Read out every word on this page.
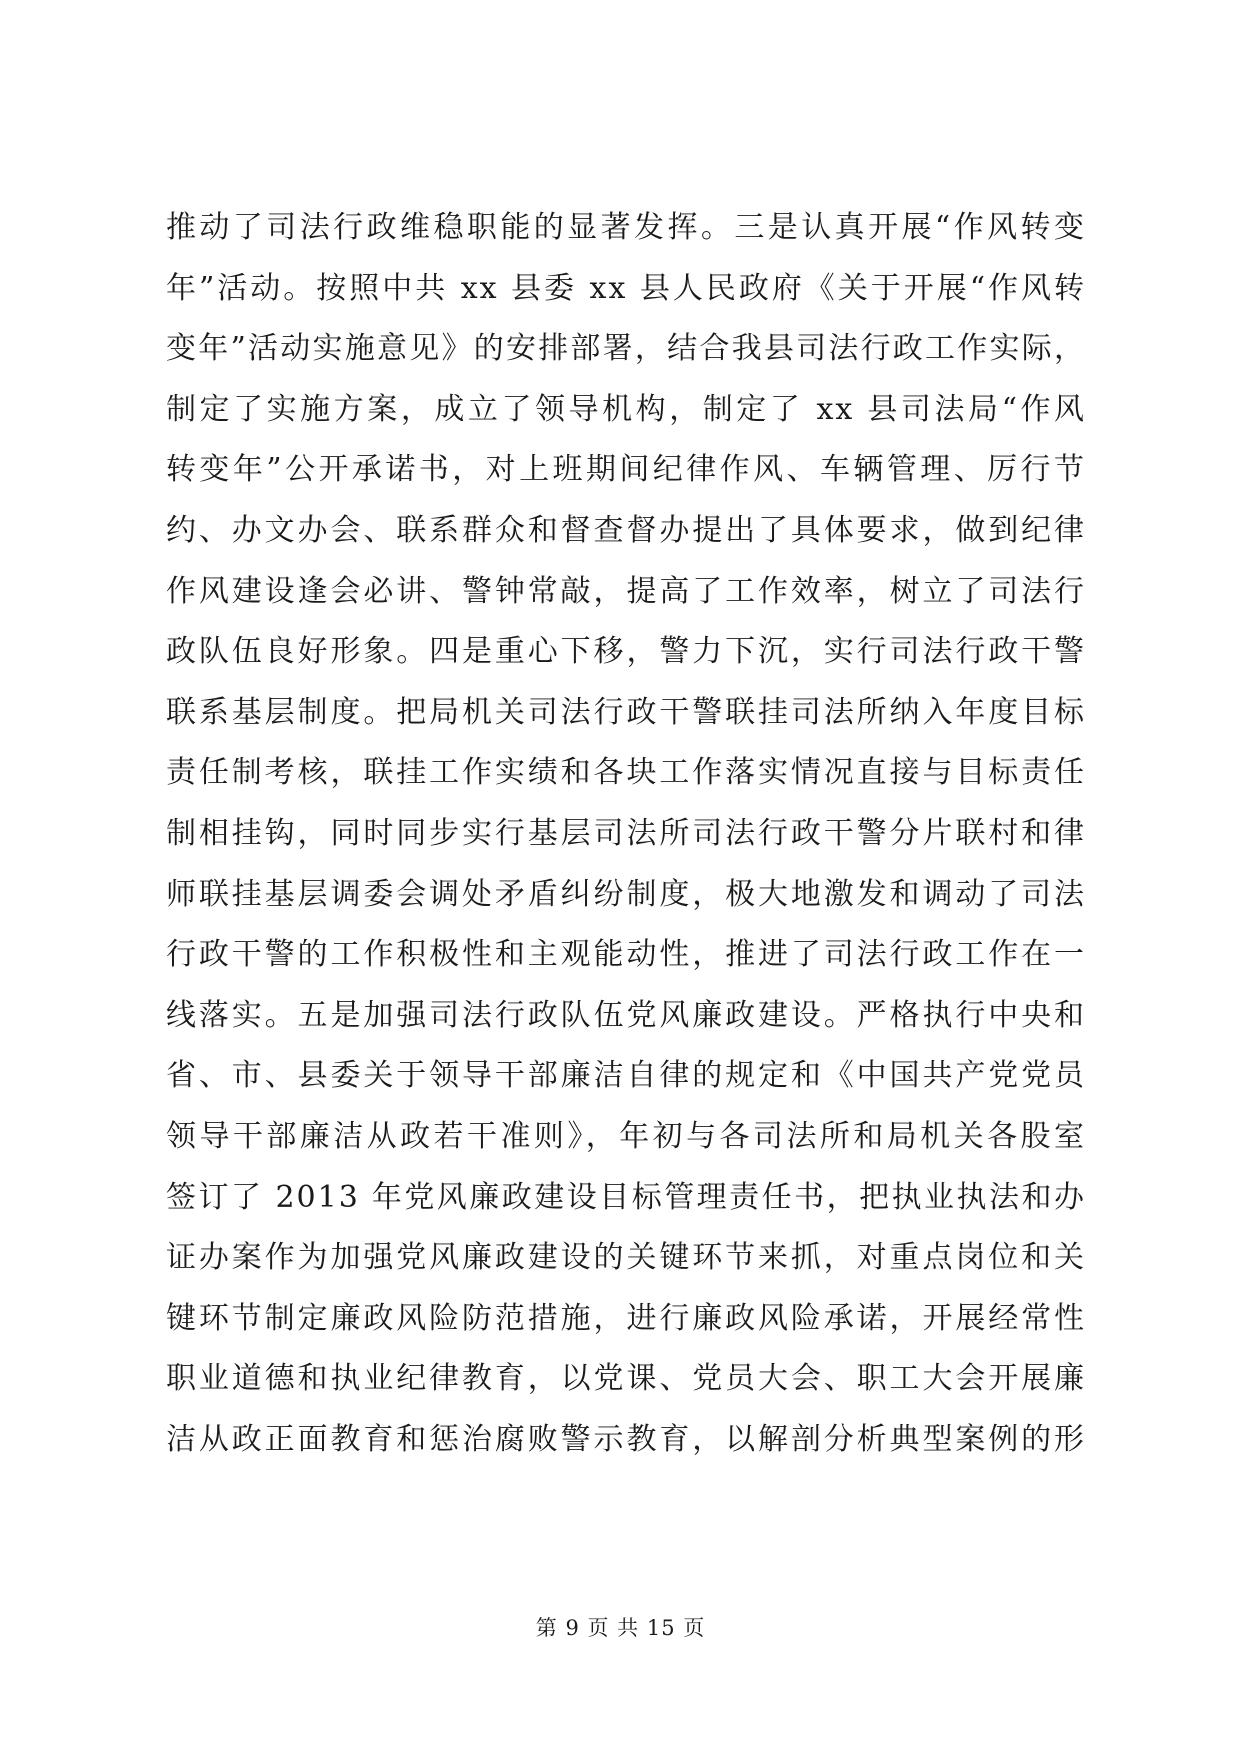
推动了司法行政维稳职能的显著发挥。三是认真开展“作风转变
年”活动。按照中共 xx 县委 xx 县人民政府《关于开展“作风转
变年”活动实施意见》的安排部署，结合我县司法行政工作实际，
制定了实施方案，成立了领导机构，制定了 xx 县司法局“作风
转变年”公开承诺书，对上班期间纪律作风、车辆管理、厉行节
约、办文办会、联系群众和督查督办提出了具体要求，做到纪律
作风建设逢会必讲、警钟常敲，提高了工作效率，树立了司法行
政队伍良好形象。四是重心下移，警力下沉，实行司法行政干警
联系基层制度。把局机关司法行政干警联挂司法所纳入年度目标
责任制考核，联挂工作实绩和各块工作落实情况直接与目标责任
制相挂钩，同时同步实行基层司法所司法行政干警分片联村和律
师联挂基层调委会调处矛盾纠纷制度，极大地激发和调动了司法
行政干警的工作积极性和主观能动性，推进了司法行政工作在一
线落实。五是加强司法行政队伍党风廉政建设。严格执行中央和
省、市、县委关于领导干部廉洁自律的规定和《中国共产党党员
领导干部廉洁从政若干准则》，年初与各司法所和局机关各股室
签订了 2013 年党风廉政建设目标管理责任书，把执业执法和办
证办案作为加强党风廉政建设的关键环节来抓，对重点岗位和关
键环节制定廉政风险防范措施，进行廉政风险承诺，开展经常性
职业道德和执业纪律教育，以党课、党员大会、职工大会开展廉
洁从政正面教育和惩治腐败警示教育，以解剖分析典型案例的形
第 9 页 共 15 页
